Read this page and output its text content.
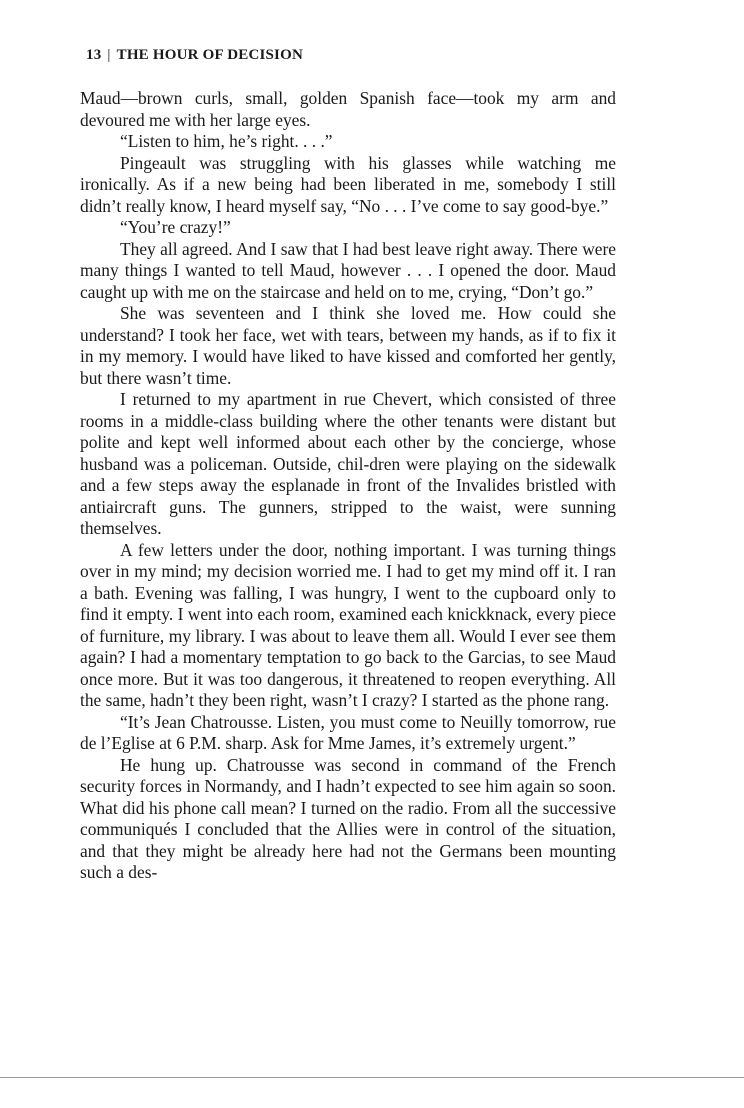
13 | THE HOUR OF DECISION

Maud—brown curls, small, golden Spanish face—took my arm and devoured me with her large eyes.

“Listen to him, he’s right. . . .”

Pingeault was struggling with his glasses while watching me ironically. As if a new being had been liberated in me, somebody I still didn’t really know, I heard myself say, “No . . . I’ve come to say good-bye.”

“You’re crazy!”

They all agreed. And I saw that I had best leave right away. There were many things I wanted to tell Maud, however . . . I opened the door. Maud caught up with me on the staircase and held on to me, crying, “Don’t go.”

She was seventeen and I think she loved me. How could she understand? I took her face, wet with tears, between my hands, as if to fix it in my memory. I would have liked to have kissed and comforted her gently, but there wasn’t time.

I returned to my apartment in rue Chevert, which consisted of three rooms in a middle-class building where the other tenants were distant but polite and kept well informed about each other by the concierge, whose husband was a policeman. Outside, chil-dren were playing on the sidewalk and a few steps away the esplanade in front of the Invalides bristled with antiaircraft guns. The gunners, stripped to the waist, were sunning themselves.

A few letters under the door, nothing important. I was turning things over in my mind; my decision worried me. I had to get my mind off it. I ran a bath. Evening was falling, I was hungry, I went to the cupboard only to find it empty. I went into each room, examined each knickknack, every piece of furniture, my library. I was about to leave them all. Would I ever see them again? I had a momentary temptation to go back to the Garcias, to see Maud once more. But it was too dangerous, it threatened to reopen everything. All the same, hadn’t they been right, wasn’t I crazy? I started as the phone rang.

“It’s Jean Chatrousse. Listen, you must come to Neuilly tomorrow, rue de l’Eglise at 6 P.M. sharp. Ask for Mme James, it’s extremely urgent.”

He hung up. Chatrousse was second in command of the French security forces in Normandy, and I hadn’t expected to see him again so soon. What did his phone call mean? I turned on the radio. From all the successive communiqués I concluded that the Allies were in control of the situation, and that they might be already here had not the Germans been mounting such a des-
